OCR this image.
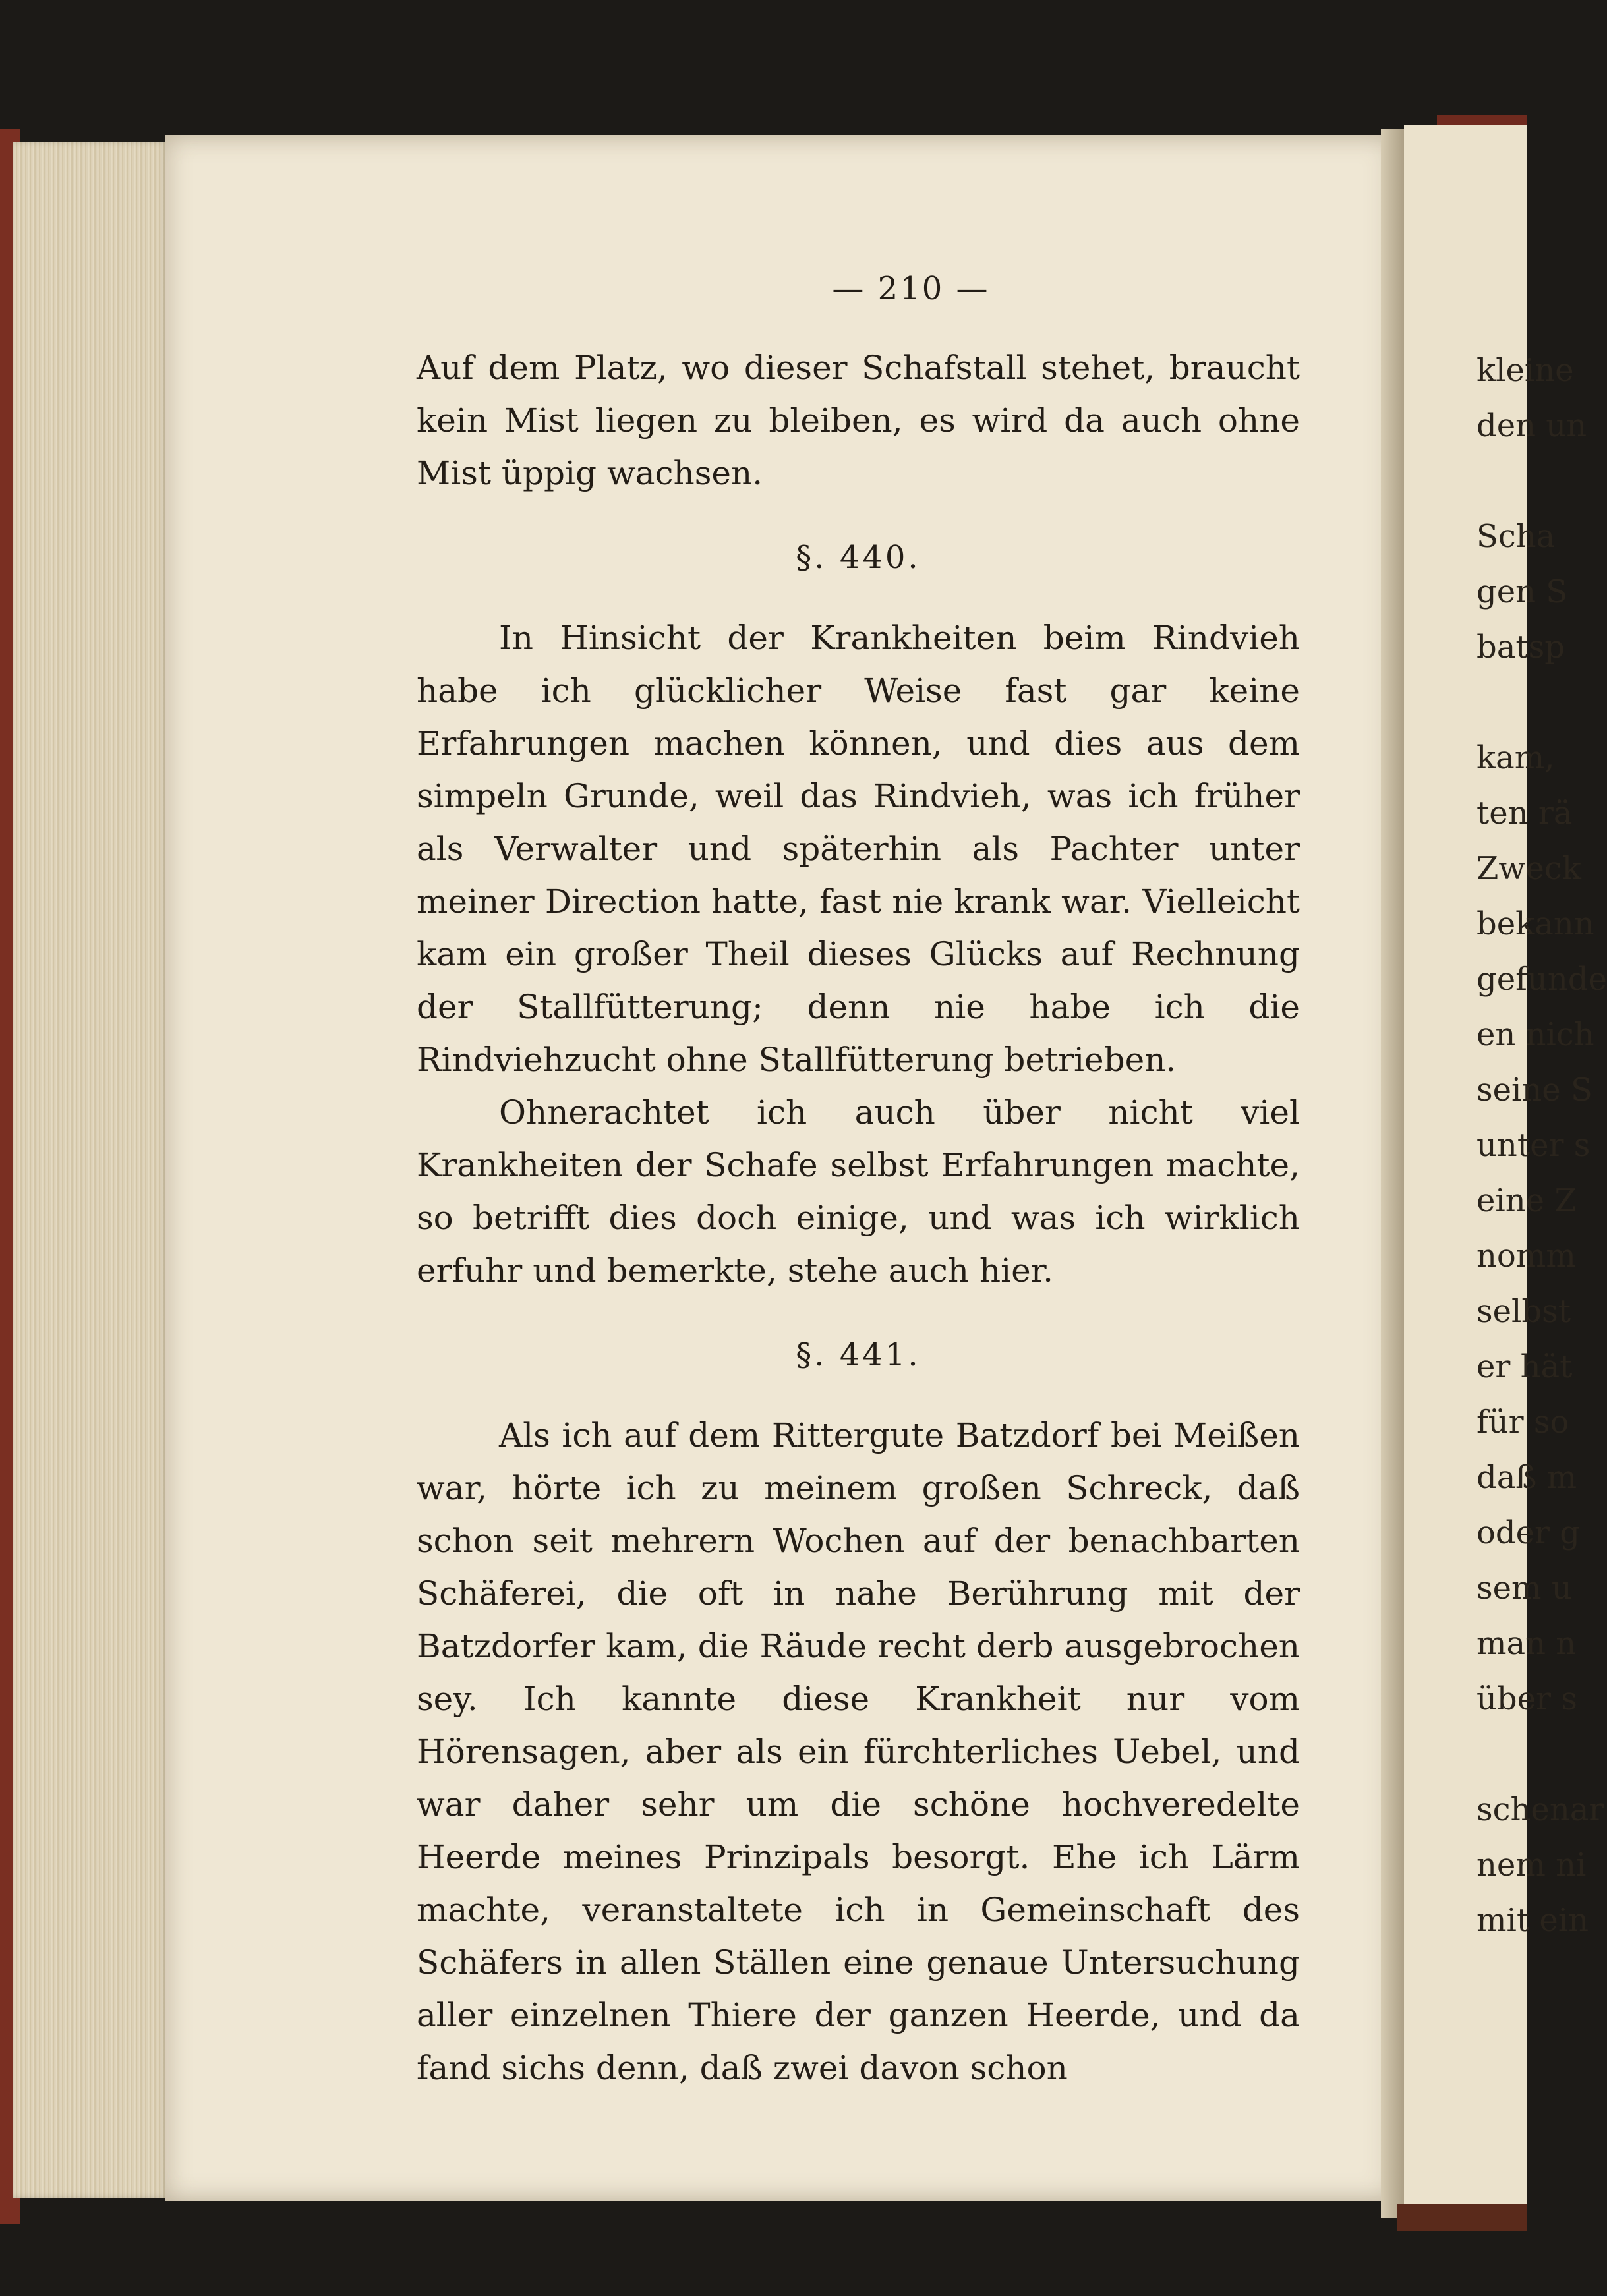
kleine
den un

Scha
gen S
batsp

kam,
ten rä
Zweck
bekann
gefunde
en nich
seine S
unter s
eine Z
nomm
selbst
er hät
für so
daß m
oder g
sem u
man n
über s

schenar
nem ni
mit ein
— 210 —

Auf dem Platz, wo dieser Schafstall stehet, braucht kein Mist liegen zu bleiben, es wird da auch ohne Mist üppig wachsen.

§. 440.

In Hinsicht der Krankheiten beim Rindvieh habe ich glücklicher Weise fast gar keine Erfahrungen machen können, und dies aus dem simpeln Grunde, weil das Rindvieh, was ich früher als Verwalter und späterhin als Pachter unter meiner Direction hatte, fast nie krank war. Vielleicht kam ein großer Theil dieses Glücks auf Rechnung der Stallfütterung; denn nie habe ich die Rindviehzucht ohne Stallfütterung betrieben.

Ohnerachtet ich auch über nicht viel Krankheiten der Schafe selbst Erfahrungen machte, so betrifft dies doch einige, und was ich wirklich erfuhr und bemerkte, stehe auch hier.

§. 441.

Als ich auf dem Rittergute Batzdorf bei Meißen war, hörte ich zu meinem großen Schreck, daß schon seit mehrern Wochen auf der benachbarten Schäferei, die oft in nahe Berührung mit der Batzdorfer kam, die Räude recht derb ausgebrochen sey. Ich kannte diese Krankheit nur vom Hörensagen, aber als ein fürchterliches Uebel, und war daher sehr um die schöne hochveredelte Heerde meines Prinzipals besorgt. Ehe ich Lärm machte, veranstaltete ich in Gemeinschaft des Schäfers in allen Ställen eine genaue Untersuchung aller einzelnen Thiere der ganzen Heerde, und da fand sichs denn, daß zwei davon schon
